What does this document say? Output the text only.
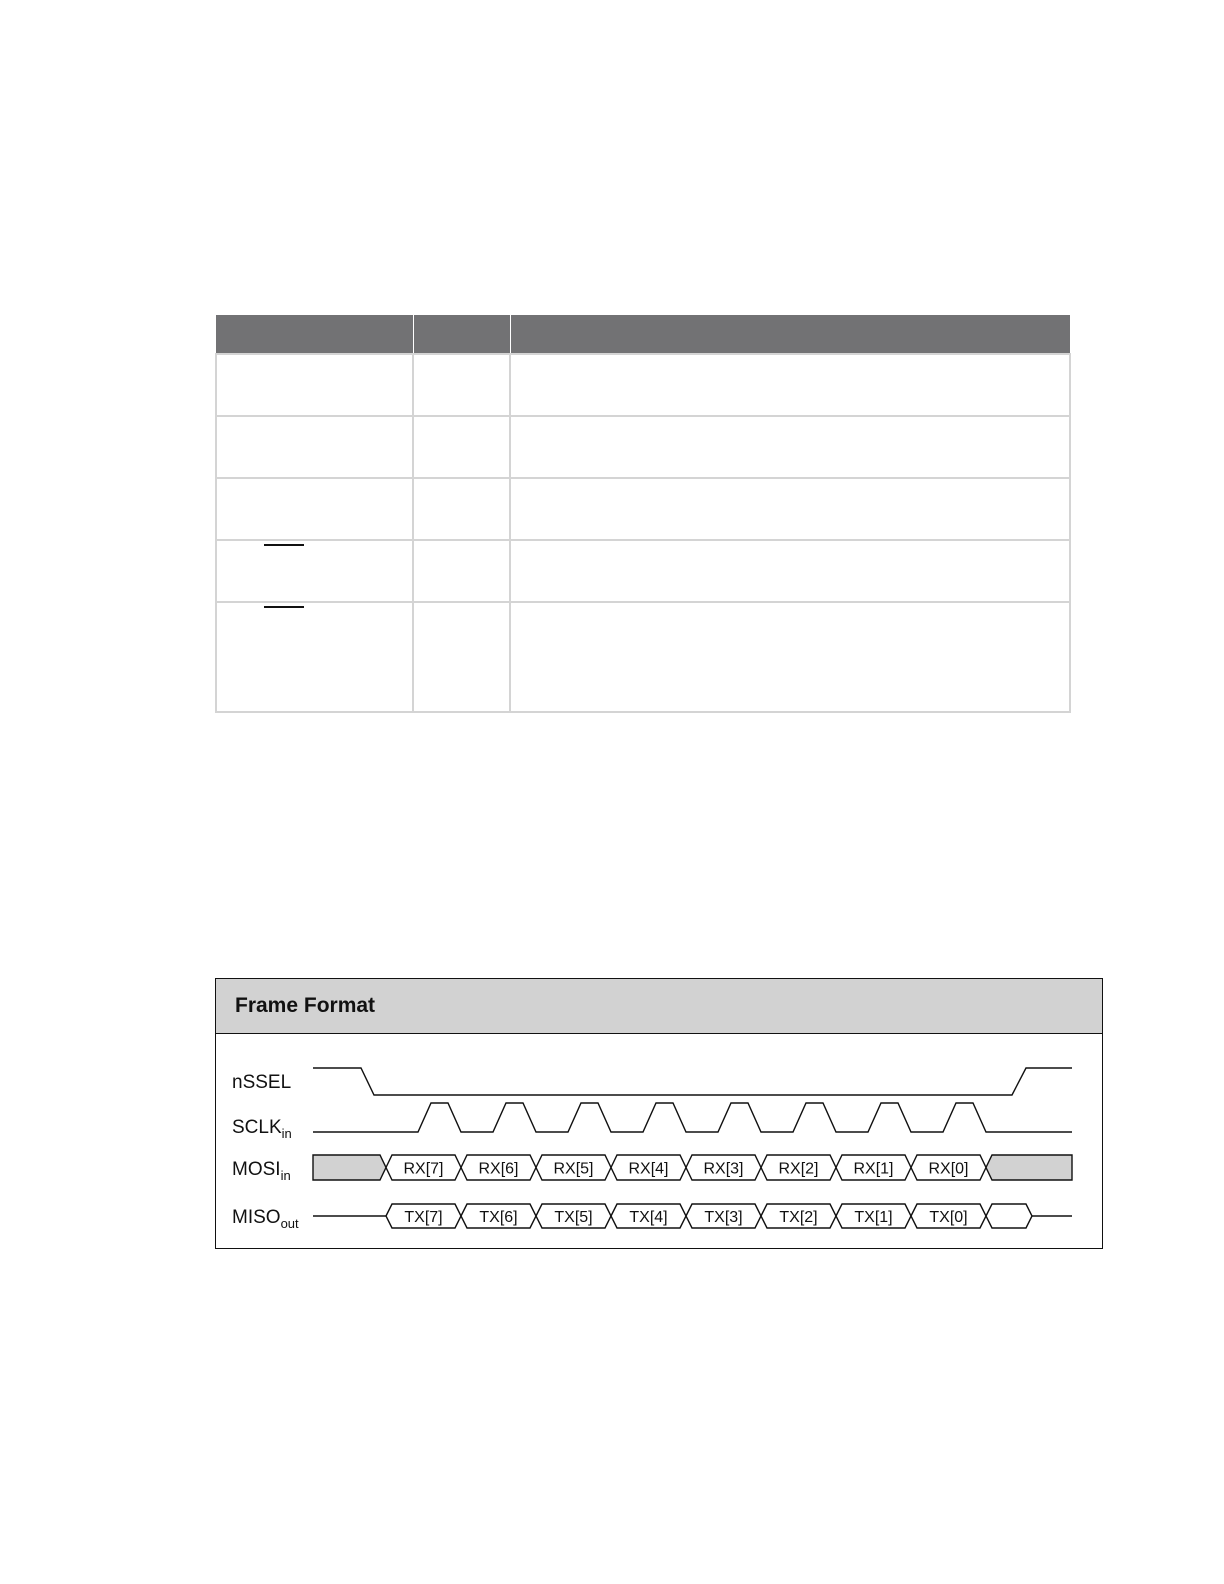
Frame Format
nSSEL
$SCLK_{in}$
$MOSI_{in}$
$MISO_{out}$
RX[7] RX[6] RX[5] RX[4] RX[3] RX[2] RX[1] RX[0]
TX[7] TX[6] TX[5] TX[4] TX[3] TX[2] TX[1] TX[0]
